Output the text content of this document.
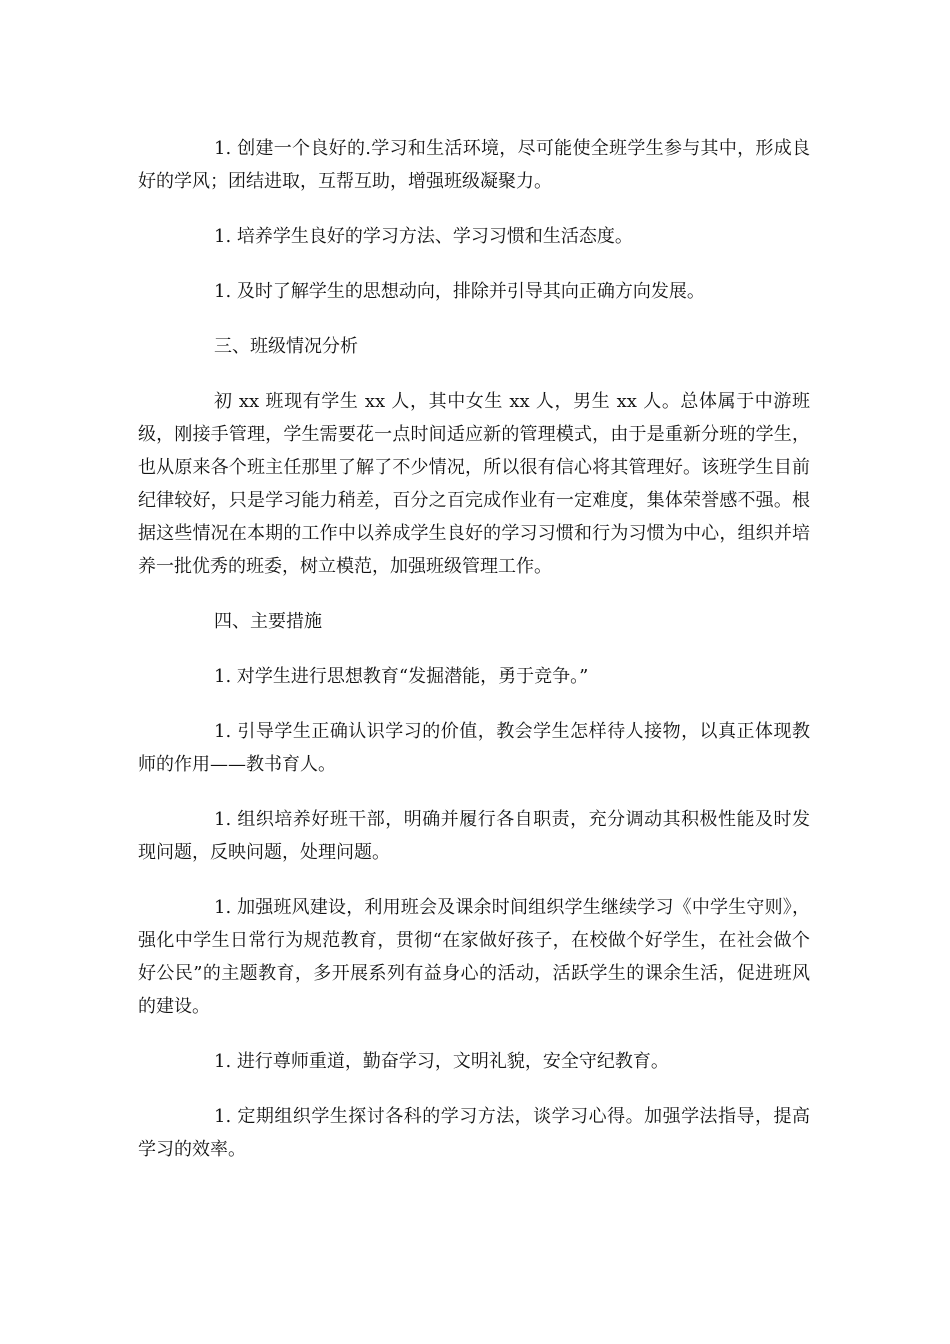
1. 创建一个良好的.学习和生活环境，尽可能使全班学生参与其中，形成良好的学风；团结进取，互帮互助，增强班级凝聚力。

1. 培养学生良好的学习方法、学习习惯和生活态度。

1. 及时了解学生的思想动向，排除并引导其向正确方向发展。

三、班级情况分析

初 xx 班现有学生 xx 人，其中女生 xx 人，男生 xx 人。总体属于中游班级，刚接手管理，学生需要花一点时间适应新的管理模式，由于是重新分班的学生，也从原来各个班主任那里了解了不少情况，所以很有信心将其管理好。该班学生目前纪律较好，只是学习能力稍差，百分之百完成作业有一定难度，集体荣誉感不强。根据这些情况在本期的工作中以养成学生良好的学习习惯和行为习惯为中心，组织并培养一批优秀的班委，树立模范，加强班级管理工作。

四、主要措施

1. 对学生进行思想教育“发掘潜能，勇于竞争。”

1. 引导学生正确认识学习的价值，教会学生怎样待人接物，以真正体现教师的作用——教书育人。

1. 组织培养好班干部，明确并履行各自职责，充分调动其积极性能及时发现问题，反映问题，处理问题。

1. 加强班风建设，利用班会及课余时间组织学生继续学习《中学生守则》，强化中学生日常行为规范教育，贯彻“在家做好孩子，在校做个好学生，在社会做个好公民”的主题教育，多开展系列有益身心的活动，活跃学生的课余生活，促进班风的建设。

1. 进行尊师重道，勤奋学习，文明礼貌，安全守纪教育。

1. 定期组织学生探讨各科的学习方法，谈学习心得。加强学法指导，提高学习的效率。
